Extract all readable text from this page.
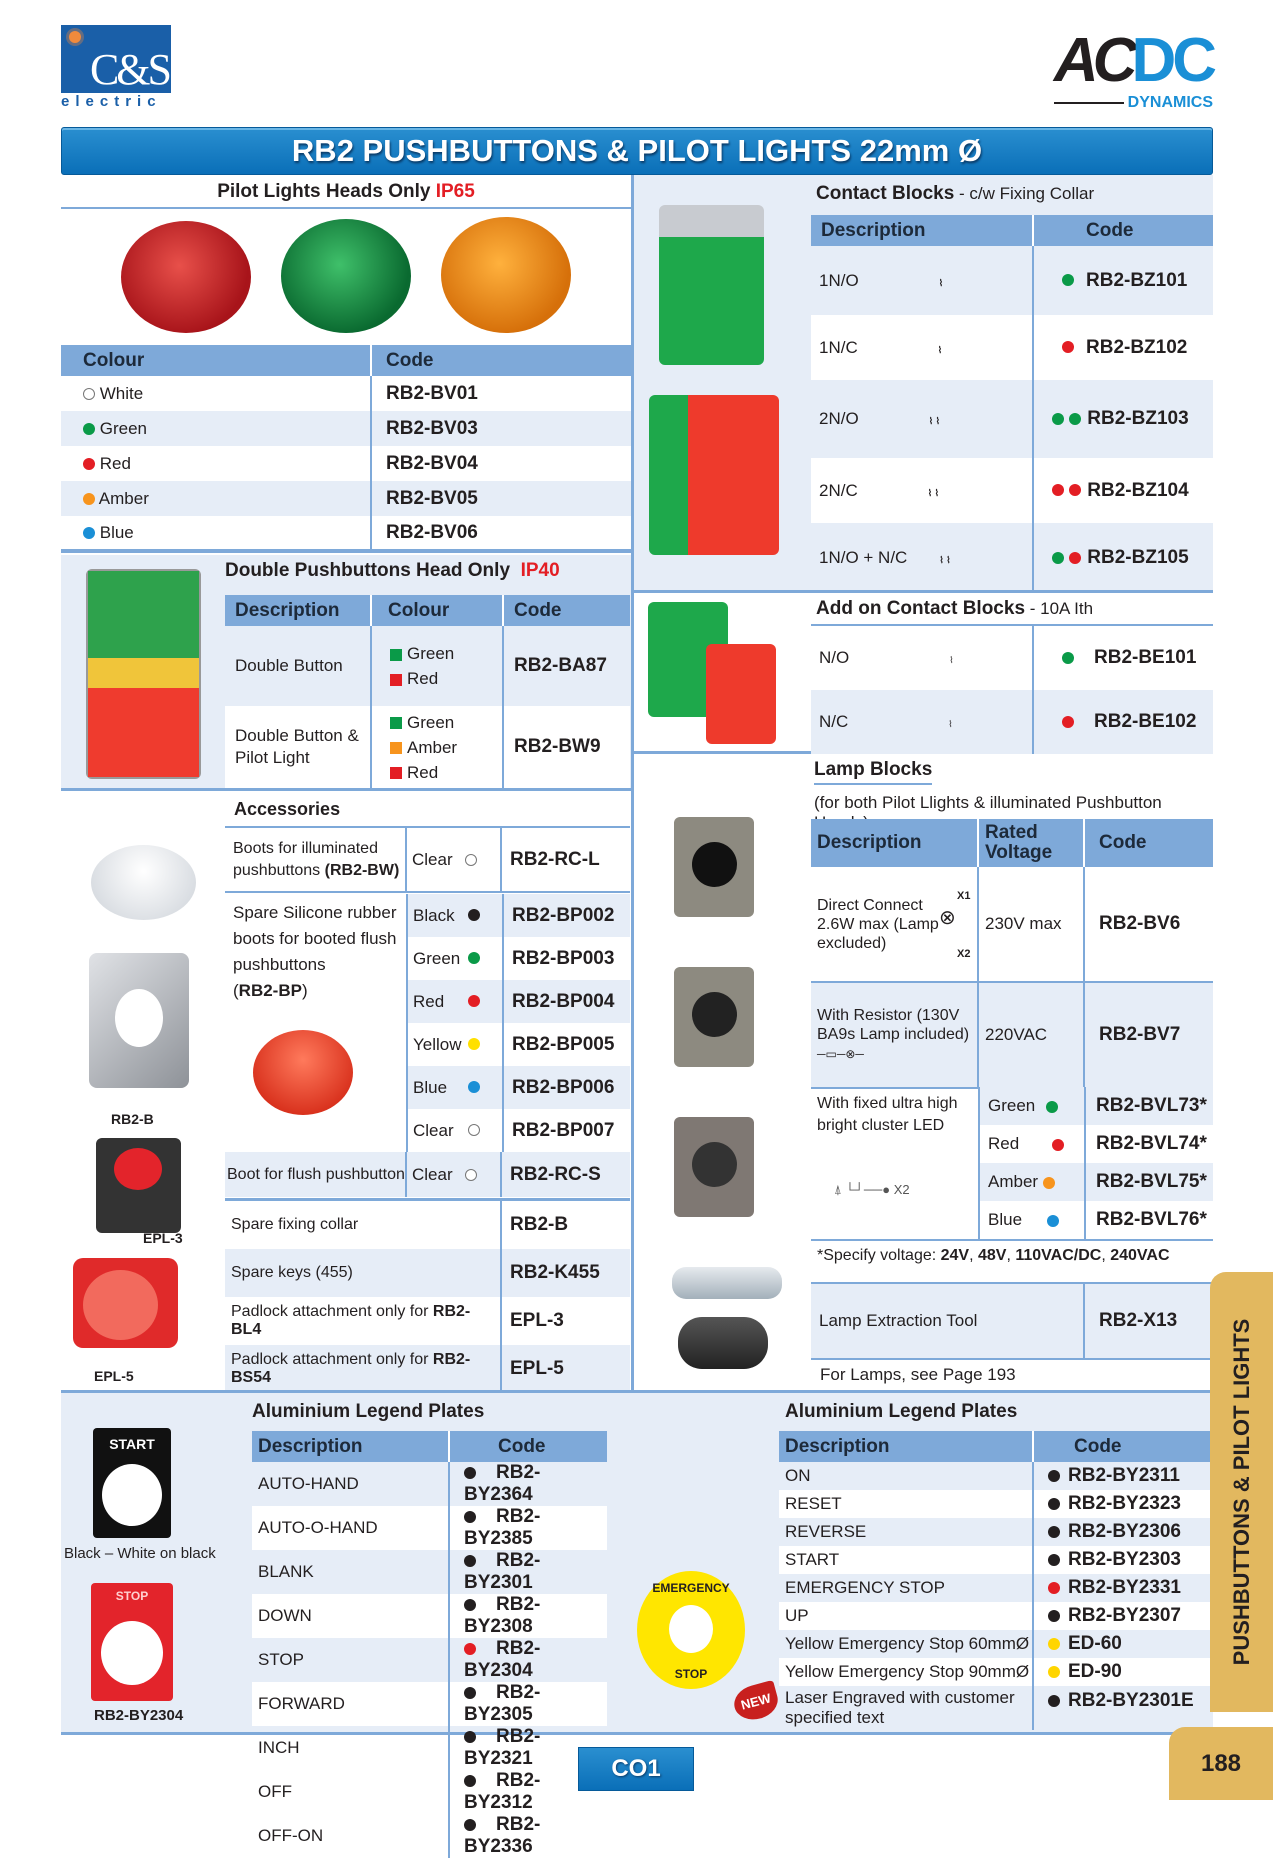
C&S
electric
ACDC
DYNAMICS
RB2 PUSHBUTTONS & PILOT LIGHTS 22mm Ø
Pilot Lights Heads Only IP65
Colour	Code
White	RB2-BV01
Green	RB2-BV03
Red	RB2-BV04
Amber	RB2-BV05
Blue	RB2-BV06
Double Pushbuttons Head Only IP40
Description	Colour	Code
Double Button	Green
Red	RB2-BA87
Double Button & Pilot Light	Green
Amber
Red	RB2-BW9
RB2-B
EPL-3
EPL-5
Accessories
Boots for illuminated pushbuttons (RB2-BW)	Clear	RB2-RC-L
Spare Silicone rubber boots for booted flush pushbuttons
(RB2-BP)
Black		RB2-BP002
Green		RB2-BP003
Red		RB2-BP004
Yellow		RB2-BP005
Blue		RB2-BP006
Clear		RB2-BP007
Boot for flush pushbutton	Clear	RB2-RC-S
Spare fixing collar	RB2-B
Spare keys (455)	RB2-K455
Padlock attachment only for RB2-BL4	EPL-3
Padlock attachment only for RB2-BS54	EPL-5
Contact Blocks - c/w Fixing Collar
Description	Code
1N/O ⌇	RB2-BZ101
1N/C ⌇	RB2-BZ102
2N/O ⌇ ⌇	RB2-BZ103
2N/C ⌇ ⌇	RB2-BZ104
1N/O + N/C ⌇ ⌇	RB2-BZ105
Add on Contact Blocks - 10A Ith
N/O ⌇	RB2-BE101
N/C ⌇	RB2-BE102
Lamp Blocks
(for both Pilot Llights & illuminated Pushbutton Heads)
Description	Rated Voltage	Code

Direct Connect 2.6W max (Lamp excluded)
⊗
X1
X2	230V max	RB2-BV6
With Resistor (130V BA9s Lamp included) ─▭─⊗─	220VAC	RB2-BV7
With fixed ultra high bright cluster LED
⍋ └┘──● X2
Green	RB2-BVL73*
Red	RB2-BVL74*
Amber	RB2-BVL75*
Blue	RB2-BVL76*
*Specify voltage: 24V, 48V, 110VAC/DC, 240VAC
Lamp Extraction Tool	RB2-X13
For Lamps, see Page 193
START
Black – White on black
STOP
RB2-BY2304
Aluminium Legend Plates
Description	Code
AUTO-HAND	RB2-BY2364
AUTO-O-HAND	RB2-BY2385
BLANK	RB2-BY2301
DOWN	RB2-BY2308
STOP	RB2-BY2304
FORWARD	RB2-BY2305
INCH	RB2-BY2321
OFF	RB2-BY2312
OFF-ON	RB2-BY2336
EMERGENCY
STOP
NEW
Aluminium Legend Plates
Description	Code
ON	RB2-BY2311
RESET	RB2-BY2323
REVERSE	RB2-BY2306
START	RB2-BY2303
EMERGENCY STOP	RB2-BY2331
UP	RB2-BY2307
Yellow Emergency Stop 60mmØ	ED-60
Yellow Emergency Stop 90mmØ	ED-90
Laser Engraved with customer specified text	RB2-BY2301E
PUSHBUTTONS & PILOT LIGHTS
188
CO1
